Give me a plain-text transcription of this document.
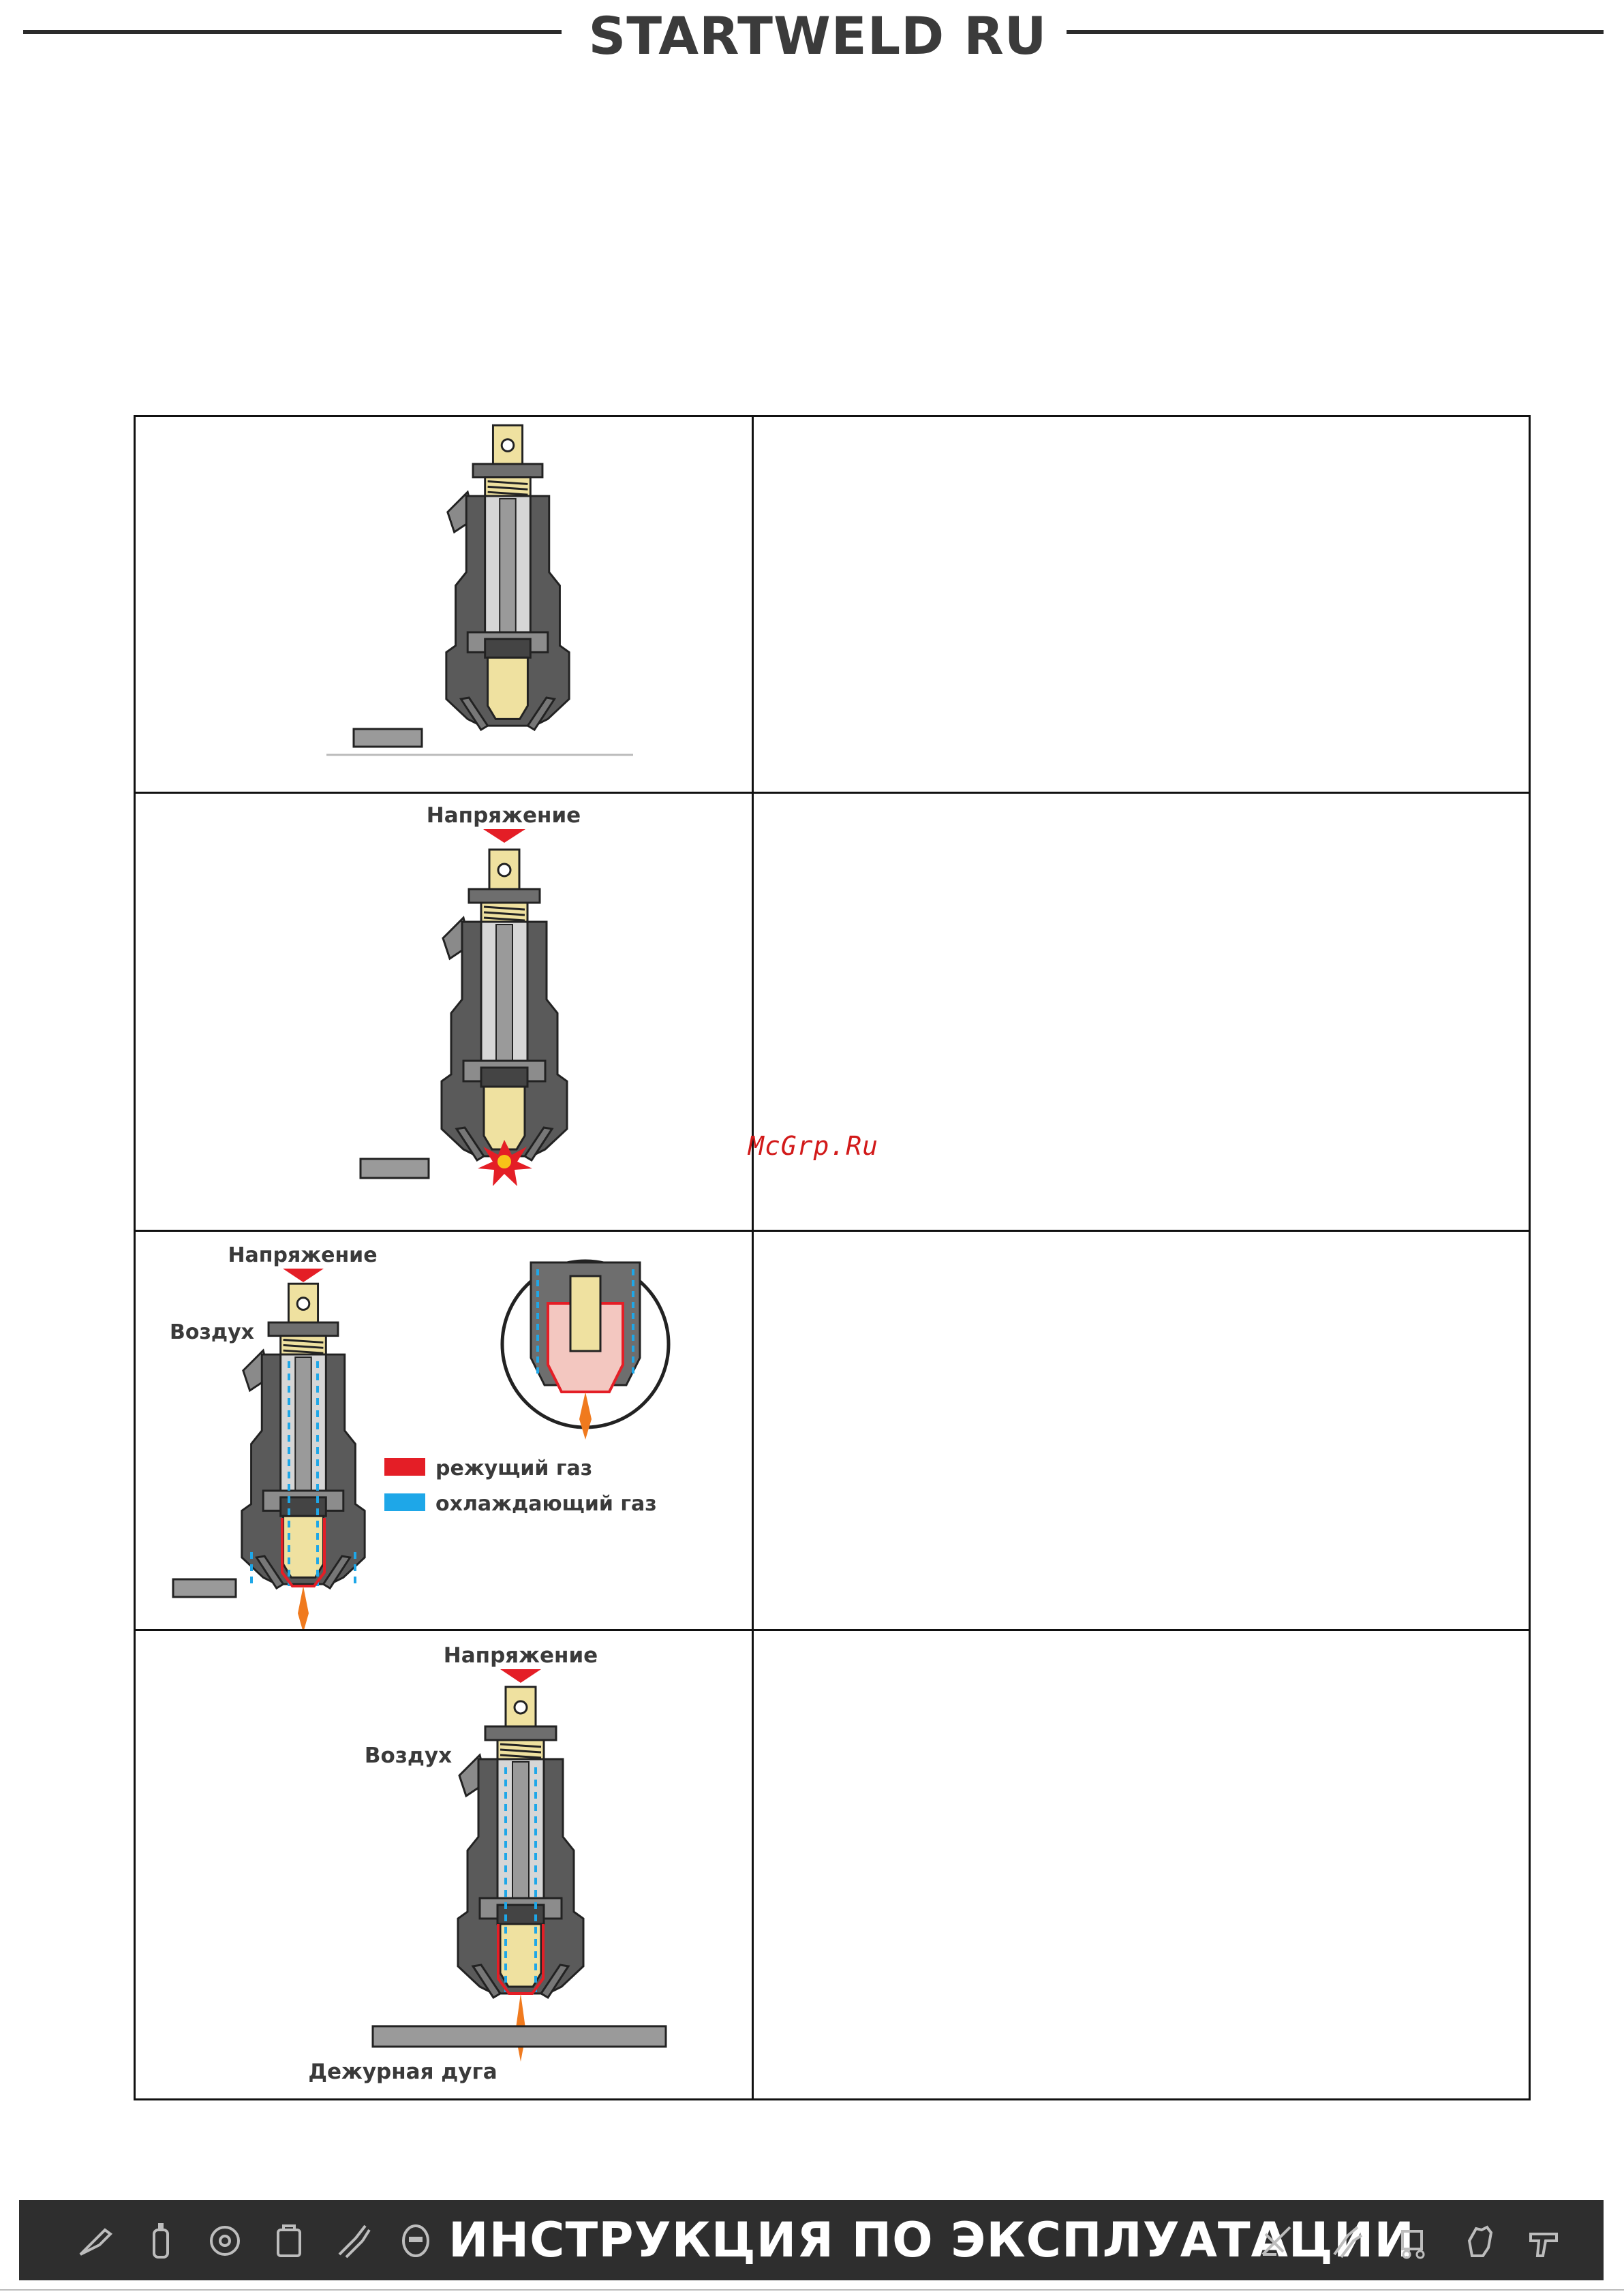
STARTWELD RU
Напряжение
Напряжение
Воздух
режущий газ
охлаждающий газ
Напряжение
Воздух
Дежурная дуга
McGrp.Ru
ИНСТРУКЦИЯ ПО ЭКСПЛУАТАЦИИ
